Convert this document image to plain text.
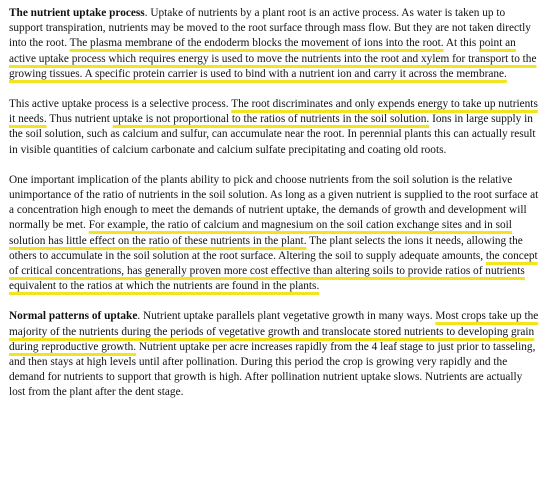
The nutrient uptake process. Uptake of nutrients by a plant root is an active process. As water is taken up to support transpiration, nutrients may be moved to the root surface through mass flow. But they are not taken directly into the root. The plasma membrane of the endoderm blocks the movement of ions into the root. At this point an active uptake process which requires energy is used to move the nutrients into the root and xylem for transport to the growing tissues. A specific protein carrier is used to bind with a nutrient ion and carry it across the membrane.

This active uptake process is a selective process. The root discriminates and only expends energy to take up nutrients it needs. Thus nutrient uptake is not proportional to the ratios of nutrients in the soil solution. Ions in large supply in the soil solution, such as calcium and sulfur, can accumulate near the root. In perennial plants this can actually result in visible quantities of calcium carbonate and calcium sulfate precipitating and coating old roots.

One important implication of the plants ability to pick and choose nutrients from the soil solution is the relative unimportance of the ratio of nutrients in the soil solution. As long as a given nutrient is supplied to the root surface at a concentration high enough to meet the demands of nutrient uptake, the demands of growth and development will normally be met. For example, the ratio of calcium and magnesium on the soil cation exchange sites and in soil solution has little effect on the ratio of these nutrients in the plant. The plant selects the ions it needs, allowing the others to accumulate in the soil solution at the root surface. Altering the soil to supply adequate amounts, the concept of critical concentrations, has generally proven more cost effective than altering soils to provide ratios of nutrients equivalent to the ratios at which the nutrients are found in the plants.

Normal patterns of uptake. Nutrient uptake parallels plant vegetative growth in many ways. Most crops take up the majority of the nutrients during the periods of vegetative growth and translocate stored nutrients to developing grain during reproductive growth. Nutrient uptake per acre increases rapidly from the 4 leaf stage to just prior to tasseling, and then stays at high levels until after pollination. During this period the crop is growing very rapidly and the demand for nutrients to support that growth is high. After pollination nutrient uptake slows. Nutrients are actually lost from the plant after the dent stage.
